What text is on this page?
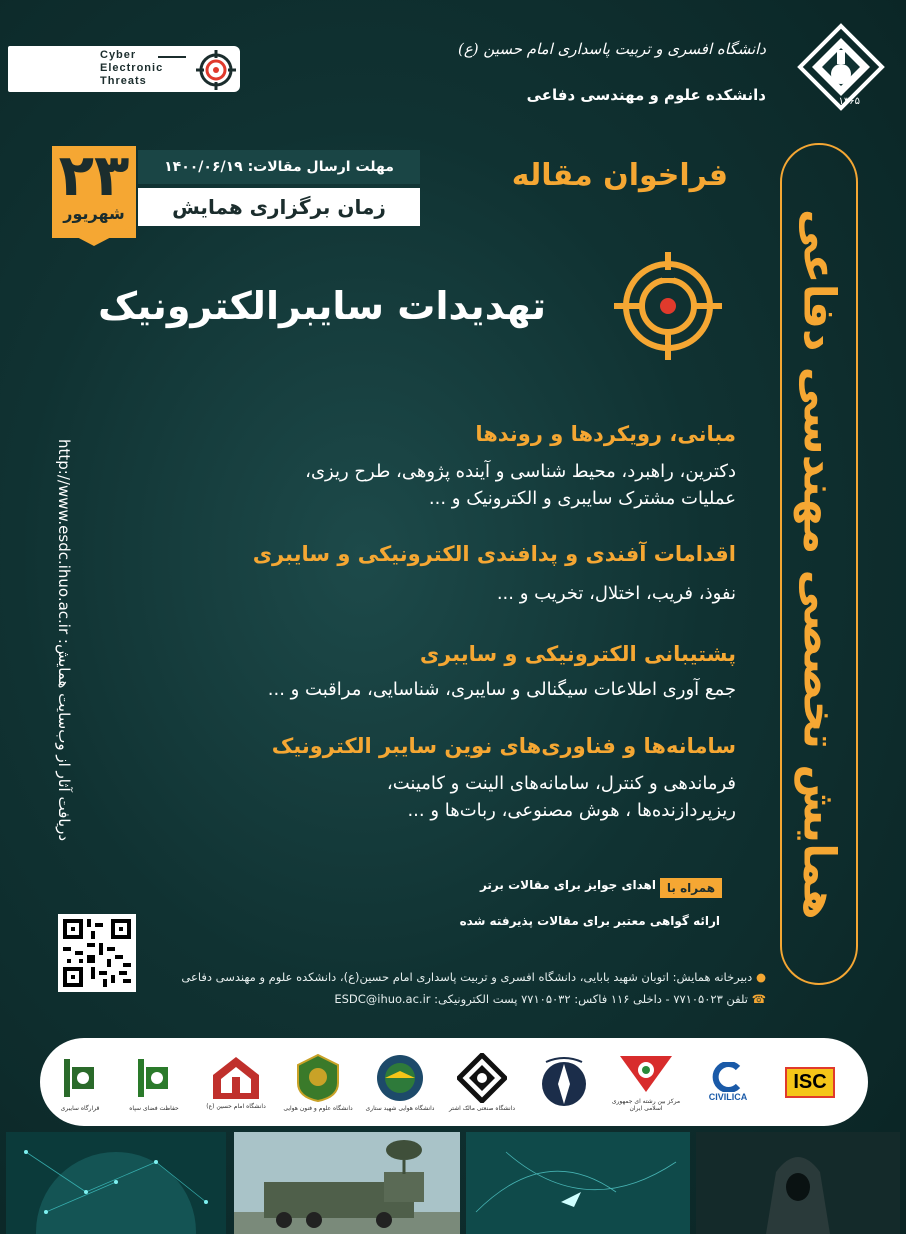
Cyber
Electronic
Threats
دانشگاه افسری و تربیت پاسداری امام حسین (ع)
دانشکده علوم و مهندسی دفاعی	۱۳۶۵
همایش تخصصی مهندسی دفاعی
۲۳
شهریور
مهلت ارسال مقالات: ۱۴۰۰/۰۶/۱۹
زمان برگزاری همایش
فراخوان مقاله
تهدیدات سایبرالکترونیک
دریافت آثار از وب‌سایت همایش: http://www.esdc.ihuo.ac.ir
مبانی، رویکردها و روندها
دکترین، راهبرد، محیط شناسی و آینده پژوهی، طرح ریزی،
عملیات مشترک سایبری و الکترونیک و ...
اقدامات آفندی و پدافندی الکترونیکی و سایبری
نفوذ، فریب، اختلال، تخریب و ...
پشتیبانی الکترونیکی و سایبری
جمع آوری اطلاعات سیگنالی و سایبری، شناسایی، مراقبت و ...
سامانه‌ها و فناوری‌های نوین سایبر الکترونیک
فرماندهی و کنترل، سامانه‌های الینت و کامینت،
ریزپردازنده‌ها ، هوش مصنوعی، ربات‌ها و ...
همراه با
اهدای جوایز برای مقالات برتر
ارائه گواهی معتبر برای مقالات پذیرفته شده
● دبیرخانه همایش: اتوبان شهید بابایی، دانشگاه افسری و تربیت پاسداری امام حسین(ع)، دانشکده علوم و مهندسی دفاعی
☎ تلفن ۷۷۱۰۵۰۲۳ - داخلی ۱۱۶ فاکس: ۷۷۱۰۵۰۳۲ پست الکترونیکی: ESDC@ihuo.ac.ir
ISC
CIVILICA
مرکز بین رشته ای جمهوری اسلامی ایران
دانشگاه صنعتی مالک اشتر
دانشگاه هوایی شهید ستاری
دانشگاه علوم و فنون هوایی
دانشگاه امام حسین (ع)
حفاظت فضای سپاه
قرارگاه سایبری
